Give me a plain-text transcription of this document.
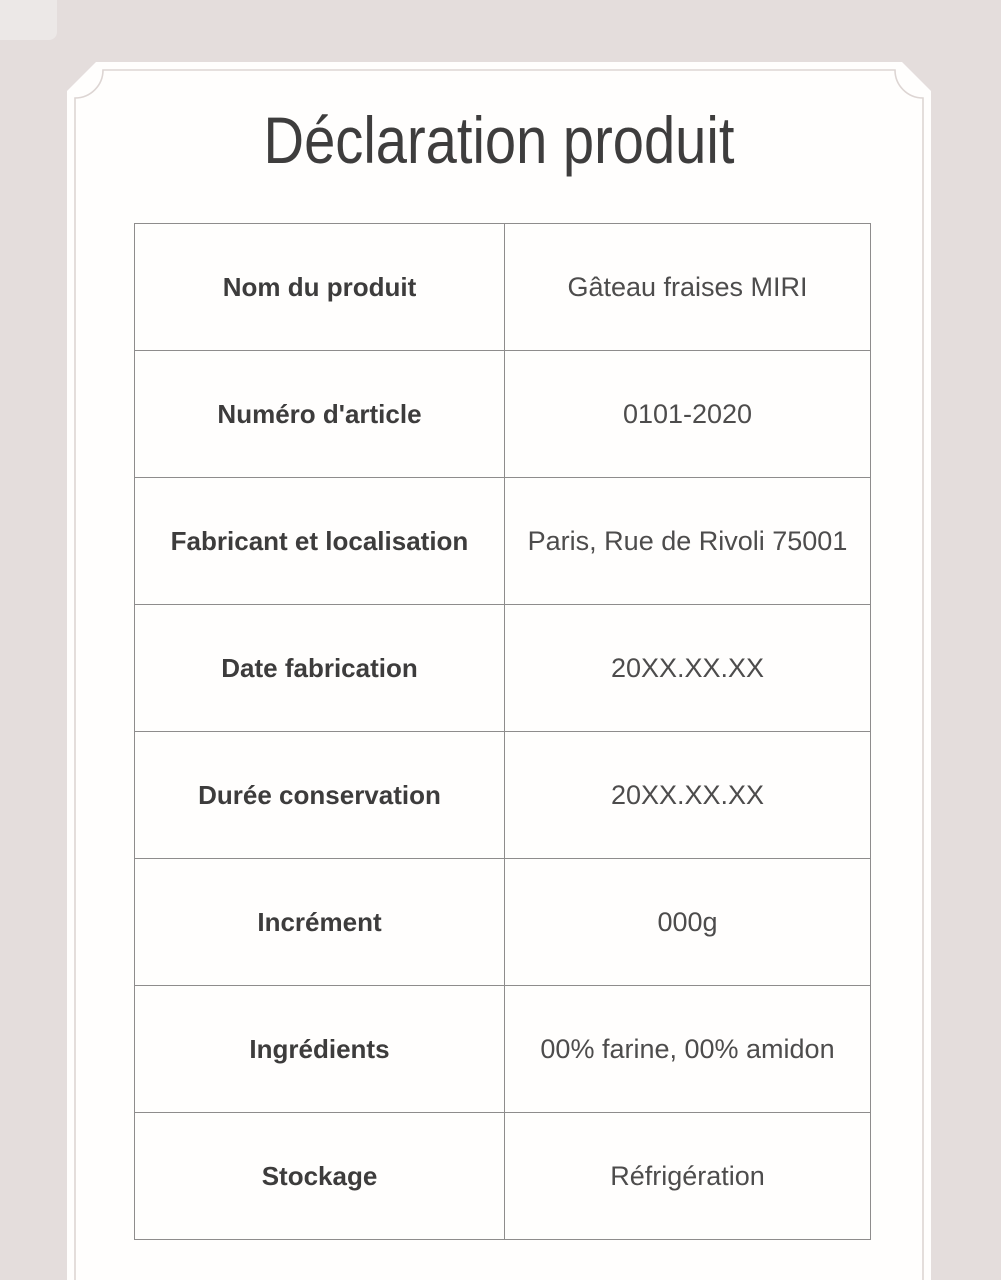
Déclaration produit
Nom du produit	Gâteau fraises MIRI
Numéro d'article	0101-2020
Fabricant et localisation	Paris, Rue de Rivoli 75001
Date fabrication	20XX.XX.XX
Durée conservation	20XX.XX.XX
Incrément	000g
Ingrédients	00% farine, 00% amidon
Stockage	Réfrigération
